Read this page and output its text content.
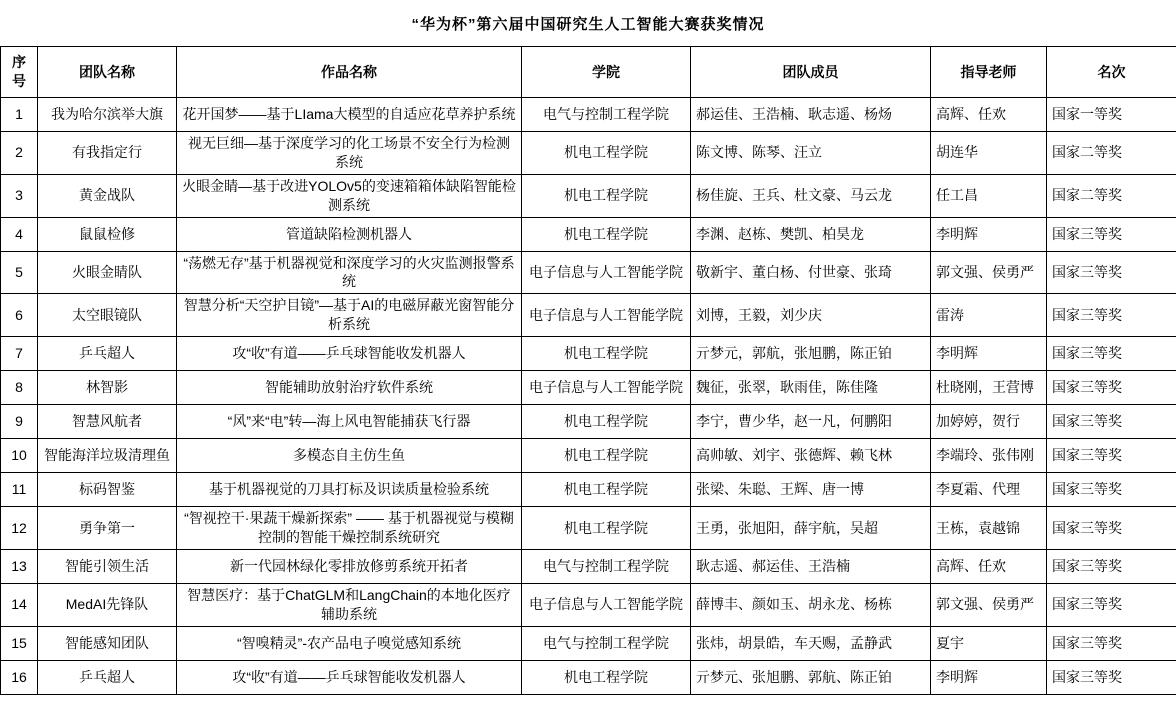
“华为杯”第六届中国研究生人工智能大赛获奖情况
序号	团队名称	作品名称	学院	团队成员	指导老师	名次
1	我为哈尔滨举大旗	花开国梦——基于LIama大模型的自适应花草养护系统	电气与控制工程学院	郝运佳、王浩楠、耿志遥、杨炀	高辉、任欢	国家一等奖
2	有我指定行	视无巨细—基于深度学习的化工场景不安全行为检测系统	机电工程学院	陈文博、陈琴、汪立	胡连华	国家二等奖
3	黄金战队	火眼金睛—基于改进YOLOv5的变速箱箱体缺陷智能检测系统	机电工程学院	杨佳旋、王兵、杜文豪、马云龙	任工昌	国家二等奖
4	鼠鼠检修	管道缺陷检测机器人	机电工程学院	李渊、赵栋、樊凯、柏昊龙	李明辉	国家三等奖
5	火眼金睛队	“荡燃无存”基于机器视觉和深度学习的火灾监测报警系统	电子信息与人工智能学院	敬新宇、董白杨、付世豪、张琦	郭文强、侯勇严	国家三等奖
6	太空眼镜队	智慧分析“天空护目镜”—基于AI的电磁屏蔽光窗智能分析系统	电子信息与人工智能学院	刘博，王毅，刘少庆	雷涛	国家三等奖
7	乒乓超人	攻“收”有道——乒乓球智能收发机器人	机电工程学院	亓梦元，郭航，张旭鹏，陈正铂	李明辉	国家三等奖
8	林智影	智能辅助放射治疗软件系统	电子信息与人工智能学院	魏征，张翠，耿雨佳，陈佳隆	杜晓刚，王营博	国家三等奖
9	智慧风航者	“风”来“电”转—海上风电智能捕获飞行器	机电工程学院	李宁，曹少华，赵一凡，何鹏阳	加婷婷，贺行	国家三等奖
10	智能海洋垃圾清理鱼	多模态自主仿生鱼	机电工程学院	高帅敏、刘宇、张德辉、赖飞林	李端玲、张伟刚	国家三等奖
11	标码智鉴	基于机器视觉的刀具打标及识读质量检验系统	机电工程学院	张梁、朱聪、王辉、唐一博	李夏霜、代理	国家三等奖
12	勇争第一	“智视控干·果蔬干燥新探索” —— 基于机器视觉与模糊控制的智能干燥控制系统研究	机电工程学院	王勇，张旭阳，薛宇航，吴超	王栋，袁越锦	国家三等奖
13	智能引领生活	新一代园林绿化零排放修剪系统开拓者	电气与控制工程学院	耿志遥、郝运佳、王浩楠	高辉、任欢	国家三等奖
14	MedAI先锋队	智慧医疗：基于ChatGLM和LangChain的本地化医疗辅助系统	电子信息与人工智能学院	薛博丰、颜如玉、胡永龙、杨栋	郭文强、侯勇严	国家三等奖
15	智能感知团队	“智嗅精灵”-农产品电子嗅觉感知系统	电气与控制工程学院	张炜，胡景皓，车天赐，孟静武	夏宇	国家三等奖
16	乒乓超人	攻“收”有道——乒乓球智能收发机器人	机电工程学院	亓梦元、张旭鹏、郭航、陈正铂	李明辉	国家三等奖
